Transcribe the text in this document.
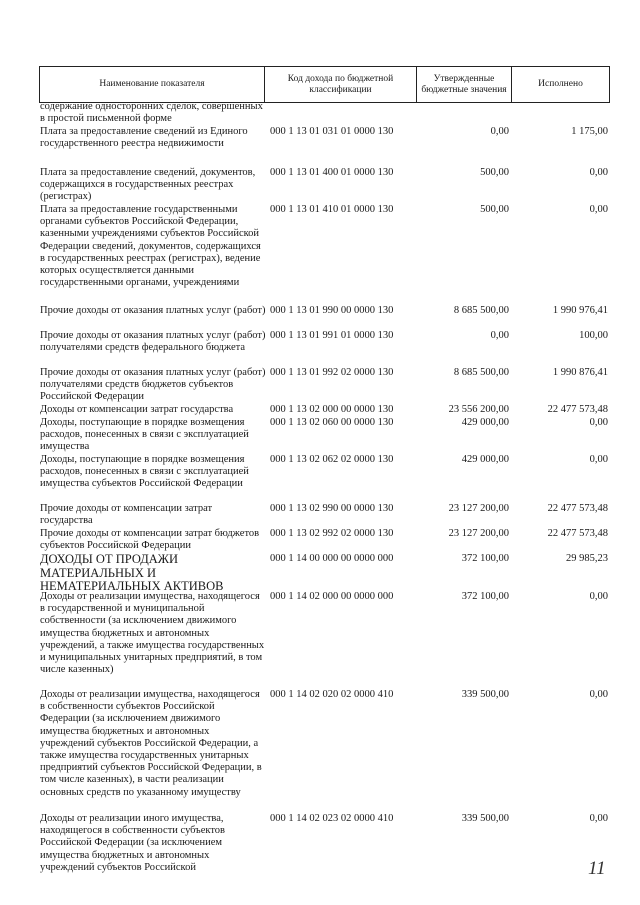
Наименование показателя	Код дохода по бюджетной классификации	Утвержденные бюджетные значения	Исполнено
содержание односторонних сделок, совершенных в простой письменной форме
Плата за предоставление сведений из Единого государственного реестра недвижимости
000 1 13 01 031 01 0000 130	0,00	1 175,00
Плата за предоставление сведений, документов, содержащихся в государственных реестрах (регистрах)
000 1 13 01 400 01 0000 130	500,00	0,00
Плата за предоставление государственными органами субъектов Российской Федерации, казенными учреждениями субъектов Российской Федерации сведений, документов, содержащихся в государственных реестрах (регистрах), ведение которых осуществляется данными государственными органами, учреждениями
000 1 13 01 410 01 0000 130	500,00	0,00
Прочие доходы от оказания платных услуг (работ) 000 1 13 01 990 00 0000 130	8 685 500,00	1 990 976,41
Прочие доходы от оказания платных услуг (работ) получателями средств федерального бюджета
000 1 13 01 991 01 0000 130	0,00	100,00
Прочие доходы от оказания платных услуг (работ) получателями средств бюджетов субъектов Российской Федерации
000 1 13 01 992 02 0000 130	8 685 500,00	1 990 876,41
Доходы от компенсации затрат государства	000 1 13 02 000 00 0000 130	23 556 200,00	22 477 573,48
Доходы, поступающие в порядке возмещения расходов, понесенных в связи с эксплуатацией имущества
000 1 13 02 060 00 0000 130	429 000,00	0,00
Доходы, поступающие в порядке возмещения расходов, понесенных в связи с эксплуатацией имущества субъектов Российской Федерации
000 1 13 02 062 02 0000 130	429 000,00	0,00
Прочие доходы от компенсации затрат государства
000 1 13 02 990 00 0000 130	23 127 200,00	22 477 573,48
Прочие доходы от компенсации затрат бюджетов субъектов Российской Федерации
000 1 13 02 992 02 0000 130	23 127 200,00	22 477 573,48
ДОХОДЫ ОТ ПРОДАЖИ МАТЕРИАЛЬНЫХ И НЕМАТЕРИАЛЬНЫХ АКТИВОВ
000 1 14 00 000 00 0000 000	372 100,00	29 985,23
Доходы от реализации имущества, находящегося в государственной и муниципальной собственности (за исключением движимого имущества бюджетных и автономных учреждений, а также имущества государственных и муниципальных унитарных предприятий, в том числе казенных)
000 1 14 02 000 00 0000 000	372 100,00	0,00
Доходы от реализации имущества, находящегося в собственности субъектов Российской Федерации (за исключением движимого имущества бюджетных и автономных учреждений субъектов Российской Федерации, а также имущества государственных унитарных предприятий субъектов Российской Федерации, в том числе казенных), в части реализации основных средств по указанному имуществу
000 1 14 02 020 02 0000 410	339 500,00	0,00
Доходы от реализации иного имущества, находящегося в собственности субъектов Российской Федерации (за исключением имущества бюджетных и автономных учреждений субъектов Российской
000 1 14 02 023 02 0000 410	339 500,00	0,00
11
